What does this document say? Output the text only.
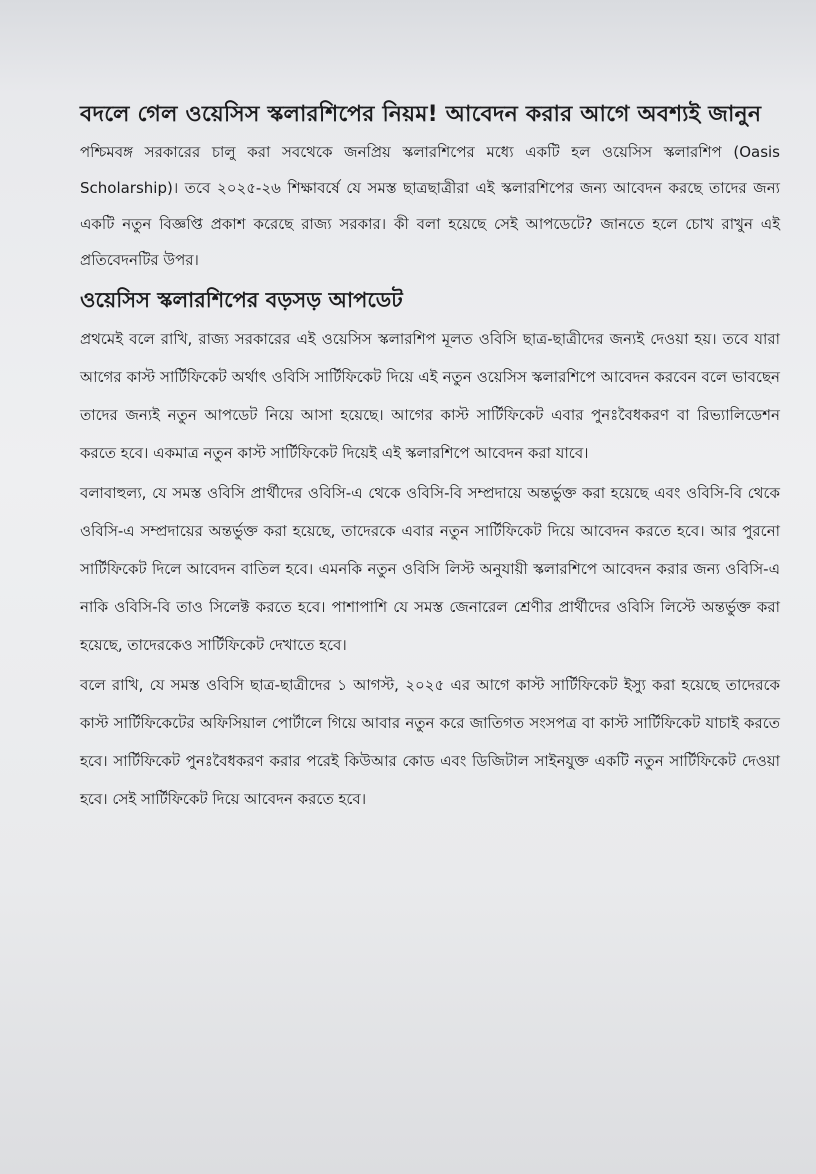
বদলে গেল ওয়েসিস স্কলারশিপের নিয়ম! আবেদন করার আগে অবশ্যই জানুন

পশ্চিমবঙ্গ সরকারের চালু করা সবথেকে জনপ্রিয় স্কলারশিপের মধ্যে একটি হল ওয়েসিস স্কলারশিপ (Oasis Scholarship)। তবে ২০২৫-২৬ শিক্ষাবর্ষে যে সমস্ত ছাত্রছাত্রীরা এই স্কলারশিপের জন্য আবেদন করছে তাদের জন্য একটি নতুন বিজ্ঞপ্তি প্রকাশ করেছে রাজ্য সরকার। কী বলা হয়েছে সেই আপডেটে? জানতে হলে চোখ রাখুন এই প্রতিবেদনটির উপর।

ওয়েসিস স্কলারশিপের বড়সড় আপডেট

প্রথমেই বলে রাখি, রাজ্য সরকারের এই ওয়েসিস স্কলারশিপ মূলত ওবিসি ছাত্র-ছাত্রীদের জন্যই দেওয়া হয়। তবে যারা আগের কাস্ট সার্টিফিকেট অর্থাৎ ওবিসি সার্টিফিকেট দিয়ে এই নতুন ওয়েসিস স্কলারশিপে আবেদন করবেন বলে ভাবছেন তাদের জন্যই নতুন আপডেট নিয়ে আসা হয়েছে। আগের কাস্ট সার্টিফিকেট এবার পুনঃবৈধকরণ বা রিভ্যালিডেশন করতে হবে। একমাত্র নতুন কাস্ট সার্টিফিকেট দিয়েই এই স্কলারশিপে আবেদন করা যাবে।

বলাবাহুল্য, যে সমস্ত ওবিসি প্রার্থীদের ওবিসি-এ থেকে ওবিসি-বি সম্প্রদায়ে অন্তর্ভুক্ত করা হয়েছে এবং ওবিসি-বি থেকে ওবিসি-এ সম্প্রদায়ের অন্তর্ভুক্ত করা হয়েছে, তাদেরকে এবার নতুন সার্টিফিকেট দিয়ে আবেদন করতে হবে। আর পুরনো সার্টিফিকেট দিলে আবেদন বাতিল হবে। এমনকি নতুন ওবিসি লিস্ট অনুযায়ী স্কলারশিপে আবেদন করার জন্য ওবিসি-এ নাকি ওবিসি-বি তাও সিলেক্ট করতে হবে। পাশাপাশি যে সমস্ত জেনারেল শ্রেণীর প্রার্থীদের ওবিসি লিস্টে অন্তর্ভুক্ত করা হয়েছে, তাদেরকেও সার্টিফিকেট দেখাতে হবে।

বলে রাখি, যে সমস্ত ওবিসি ছাত্র-ছাত্রীদের ১ আগস্ট, ২০২৫ এর আগে কাস্ট সার্টিফিকেট ইস্যু করা হয়েছে তাদেরকে কাস্ট সার্টিফিকেটের অফিসিয়াল পোর্টালে গিয়ে আবার নতুন করে জাতিগত সংসপত্র বা কাস্ট সার্টিফিকেট যাচাই করতে হবে। সার্টিফিকেট পুনঃবৈধকরণ করার পরেই কিউআর কোড এবং ডিজিটাল সাইনযুক্ত একটি নতুন সার্টিফিকেট দেওয়া হবে। সেই সার্টিফিকেট দিয়ে আবেদন করতে হবে।
